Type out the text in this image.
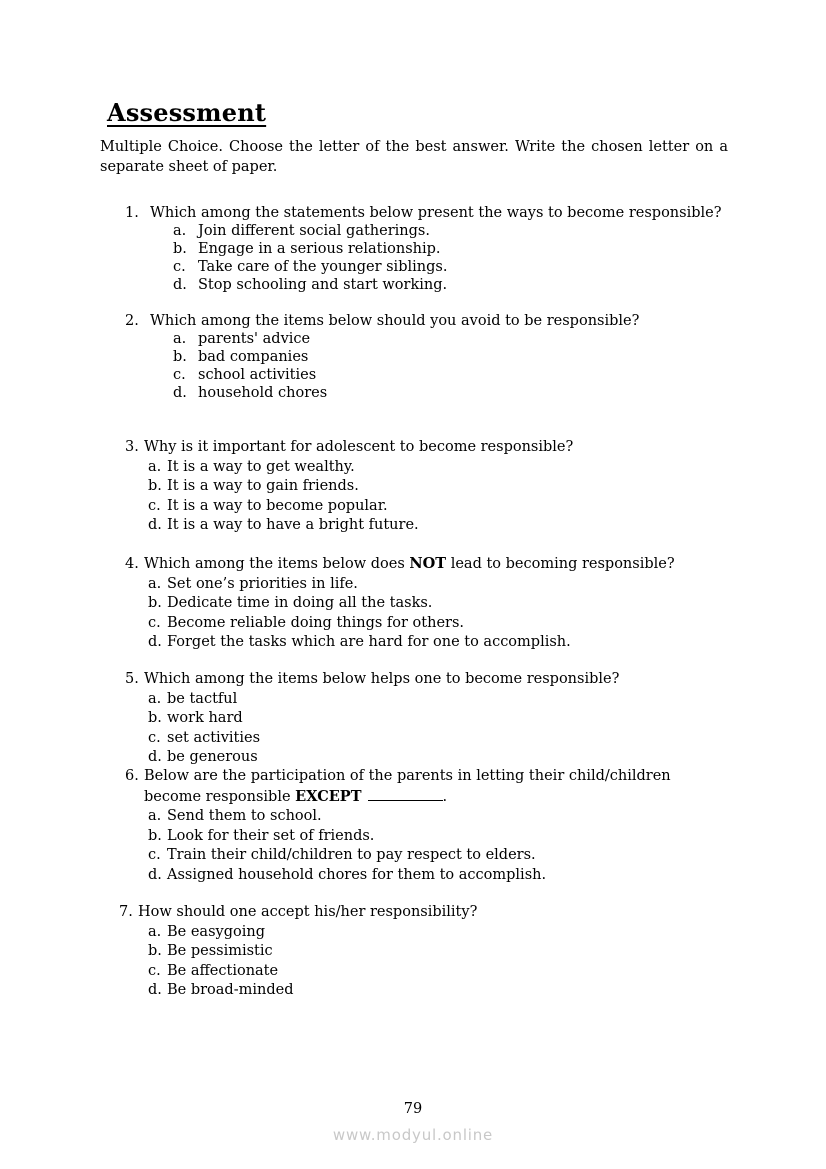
Assessment

Multiple Choice. Choose the letter of the best answer. Write the chosen letter on a separate sheet of paper.

1. Which among the statements below present the ways to become responsible?
a. Join different social gatherings.
b. Engage in a serious relationship.
c. Take care of the younger siblings.
d. Stop schooling and start working.
2. Which among the items below should you avoid to be responsible?
a. parents' advice
b. bad companies
c. school activities
d. household chores
3. Why is it important for adolescent to become responsible?
a. It is a way to get wealthy.
b. It is a way to gain friends.
c. It is a way to become popular.
d. It is a way to have a bright future.
4. Which among the items below does NOT lead to becoming responsible?
a. Set one’s priorities in life.
b. Dedicate time in doing all the tasks.
c. Become reliable doing things for others.
d. Forget the tasks which are hard for one to accomplish.
5. Which among the items below helps one to become responsible?
a. be tactful
b. work hard
c. set activities
d. be generous
6. Below are the participation of the parents in letting their child/children
become responsible EXCEPT	.
a. Send them to school.
b. Look for their set of friends.
c. Train their child/children to pay respect to elders.
d. Assigned household chores for them to accomplish.
7. How should one accept his/her responsibility?
a. Be easygoing
b. Be pessimistic
c. Be affectionate
d. Be broad-minded

79

www.modyul.online
